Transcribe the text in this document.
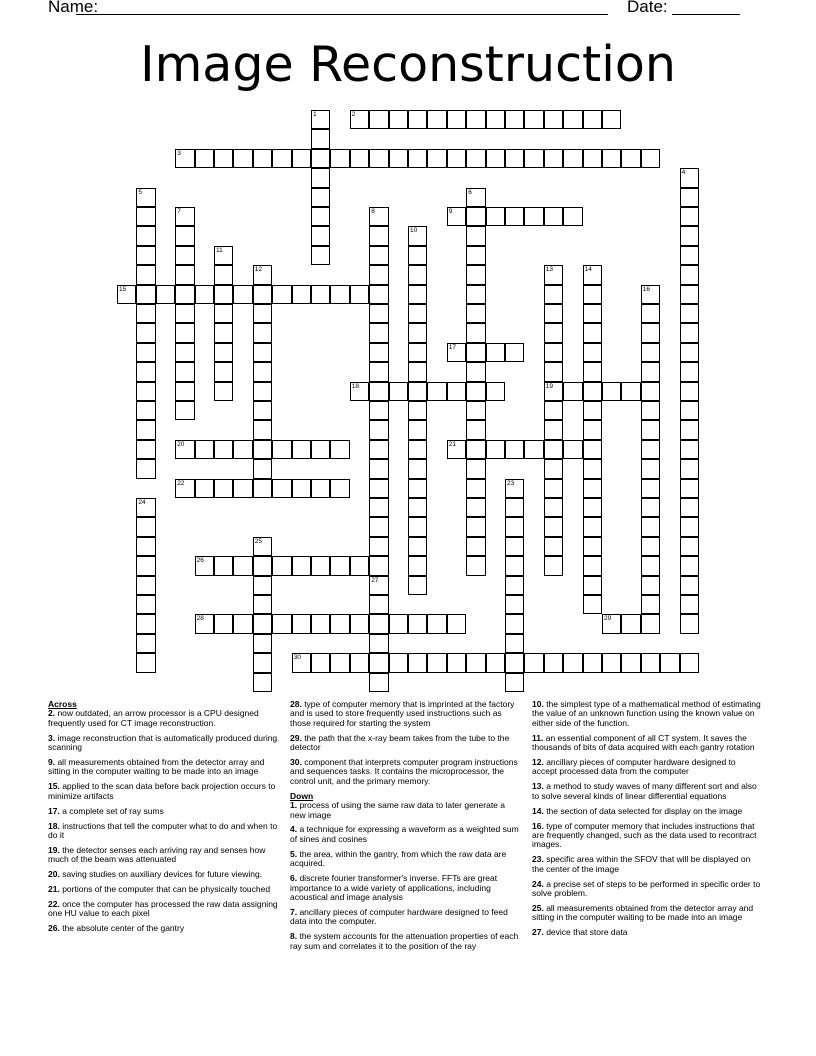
Name:	Date:
Image Reconstruction
1	2
3
4
5	6
7	8	9
10
11
12	13
19
14
15	16
17
18
20	21
22	23
24
25
26
27
28	29
30
Across
2. now outdated, an arrow processor is a CPU designed frequently used for CT image reconstruction.
3. image reconstruction that is automatically produced during scanning
9. all measurements obtained from the detector array and sitting in the computer waiting to be made into an image
15. applied to the scan data before back projection occurs to minimize artifacts
17. a complete set of ray sums
18. instructions that tell the computer what to do and when to do it
19. the detector senses each arriving ray and senses how much of the beam was attenuated
20. saving studies on auxiliary devices for future viewing.
21. portions of the computer that can be physically touched
22. once the computer has processed the raw data assigning one HU value to each pixel
26. the absolute center of the gantry
28. type of computer memory that is imprinted at the factory and is used to store frequently used instructions such as those required for starting the system
29. the path that the x-ray beam takes from the tube to the detector
30. component that interprets computer program instructions and sequences tasks. It contains the microprocessor, the control unit, and the primary memory.
Down
1. process of using the same raw data to later generate a new image
4. a technique for expressing a waveform as a weighted sum of sines and cosines
5. the area, within the gantry, from which the raw data are acquired.
6. discrete fourier transformer's inverse. FFTs are great importance to a wide variety of applications, including acoustical and image analysis
7. ancillary pieces of computer hardware designed to feed data into the computer.
8. the system accounts for the attenuation properties of each ray sum and correlates it to the position of the ray
10. the simplest type of a mathematical method of estimating the value of an unknown function using the known value on either side of the function.
11. an essential component of all CT system. It saves the thousands of bits of data acquired with each gantry rotation
12. ancillary pieces of computer hardware designed to accept processed data from the computer
13. a method to study waves of many different sort and also to solve several kinds of linear differential equations
14. the section of data selected for display on the image
16. type of computer memory that includes instructions that are frequently changed, such as the data used to recontract images.
23. specific area within the SFOV that will be displayed on the center of the image
24. a precise set of steps to be performed in specific order to solve problem.
25. all measurements obtained from the detector array and sitting in the computer waiting to be made into an image
27. device that store data
